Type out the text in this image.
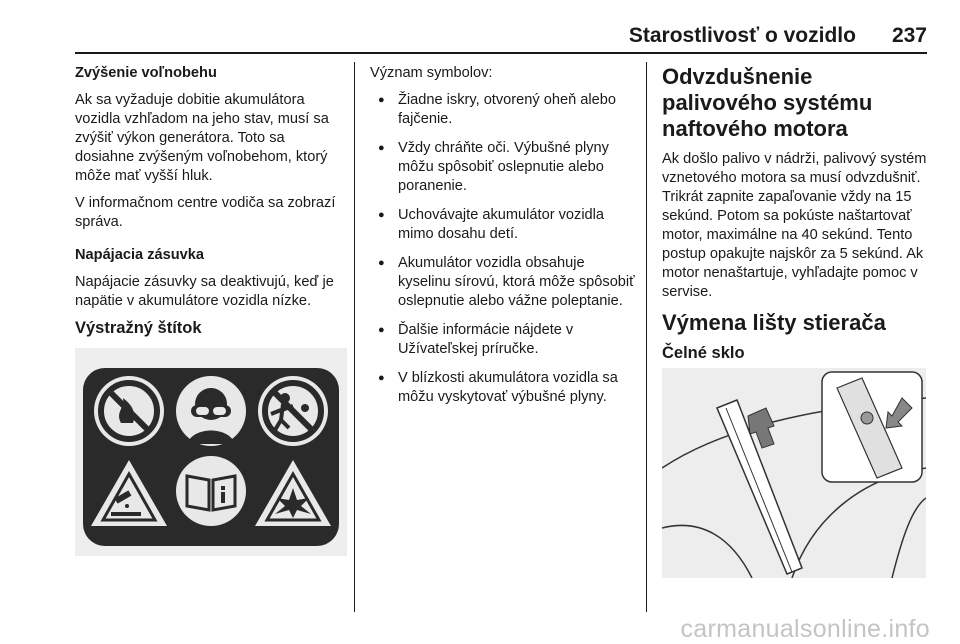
Starostlivosť o vozidlo 237

Zvýšenie voľnobehu

Ak sa vyžaduje dobitie akumulátora vozidla vzhľadom na jeho stav, musí sa zvýšiť výkon generátora. Toto sa dosiahne zvýšeným voľnobehom, ktorý môže mať vyšší hluk.

V informačnom centre vodiča sa zobrazí správa.

Napájacia zásuvka

Napájacie zásuvky sa deaktivujú, keď je napätie v akumulátore vozidla nízke.

Výstražný štítok

Význam symbolov:

● Žiadne iskry, otvorený oheň alebo fajčenie.
● Vždy chráňte oči. Výbušné plyny môžu spôsobiť oslepnutie alebo poranenie.
● Uchovávajte akumulátor vozidla mimo dosahu detí.
● Akumulátor vozidla obsahuje kyselinu sírovú, ktorá môže spôsobiť oslepnutie alebo vážne poleptanie.
● Ďalšie informácie nájdete v Užívateľskej príručke.
● V blízkosti akumulátora vozidla sa môžu vyskytovať výbušné plyny.

Odvzdušnenie palivového systému naftového motora

Ak došlo palivo v nádrži, palivový systém vznetového motora sa musí odvzdušniť. Trikrát zapnite zapaľovanie vždy na 15 sekúnd. Potom sa pokúste naštartovať motor, maximálne na 40 sekúnd. Tento postup opakujte najskôr za 5 sekúnd. Ak motor nenaštartuje, vyhľadajte pomoc v servise.

Výmena lišty stierača

Čelné sklo

carmanualsonline.info
